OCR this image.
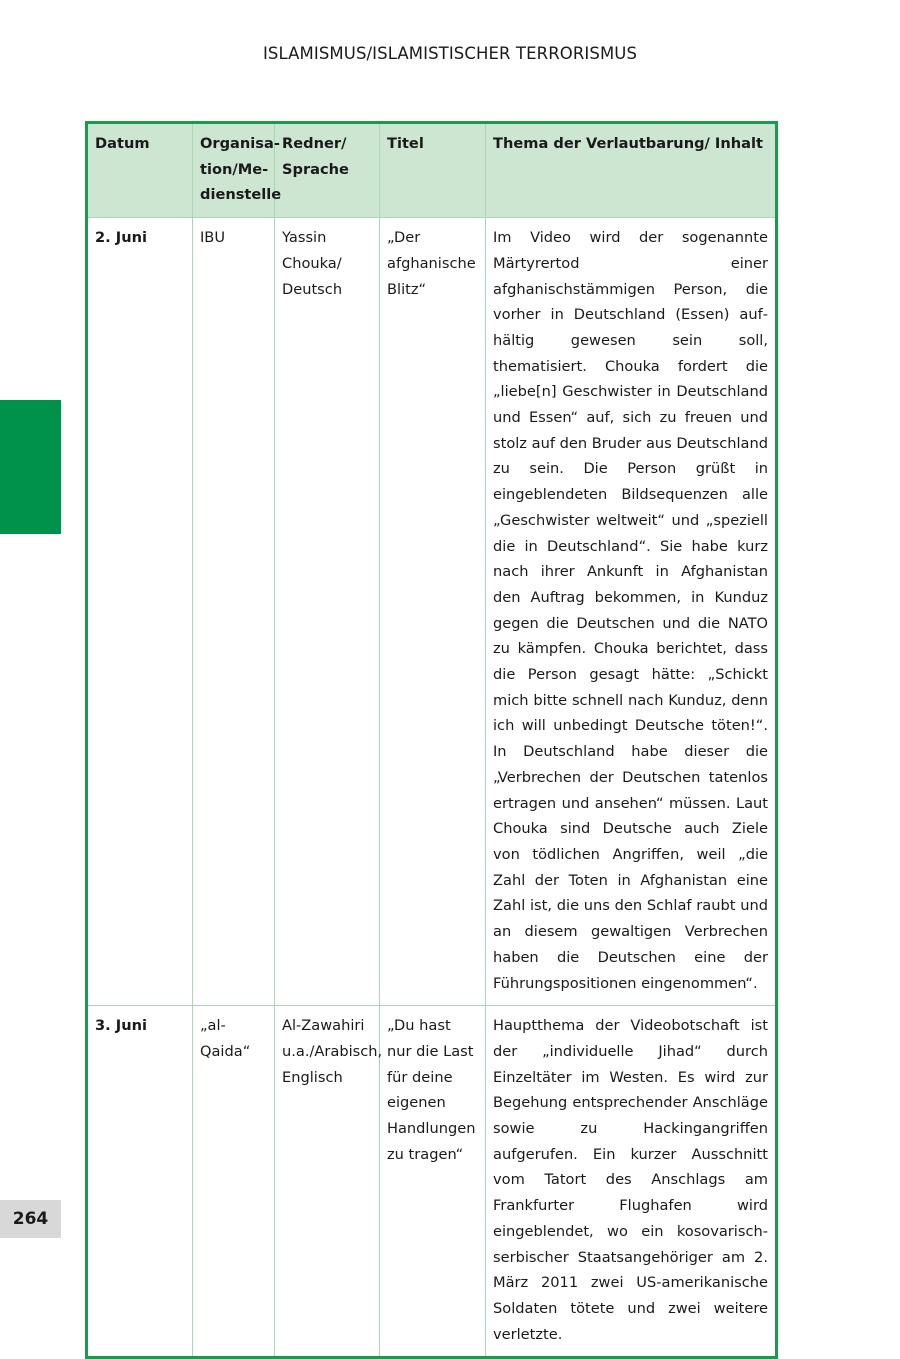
ISLAMISMUS/ISLAMISTISCHER TERRORISMUS
Datum	Organisation/Medienstelle	Redner/ Sprache	Titel	Thema der Verlautbarung/ Inhalt
2. Juni	IBU	Yassin Chouka/ Deutsch	„Der afghanische Blitz“	Im Video wird der sogenannte Märtyrertod einer afghanischstämmigen Person, die vorher in Deutschland (Essen) aufhältig gewesen sein soll, thematisiert. Chouka fordert die „liebe[n] Geschwister in Deutschland und Essen“ auf, sich zu freuen und stolz auf den Bruder aus Deutschland zu sein. Die Person grüßt in eingeblendeten Bildsequenzen alle „Geschwister weltweit“ und „speziell die in Deutschland“. Sie habe kurz nach ihrer Ankunft in Afghanistan den Auftrag bekommen, in Kunduz gegen die Deutschen und die NATO zu kämpfen. Chouka berichtet, dass die Person gesagt hätte: „Schickt mich bitte schnell nach Kunduz, denn ich will unbedingt Deutsche töten!“. In Deutschland habe dieser die „Verbrechen der Deutschen tatenlos ertragen und ansehen“ müssen. Laut Chouka sind Deutsche auch Ziele von tödlichen Angriffen, weil „die Zahl der Toten in Afghanistan eine Zahl ist, die uns den Schlaf raubt und an diesem gewaltigen Verbrechen haben die Deutschen eine der Führungspositionen eingenommen“.
3. Juni	„al-Qaida“	Al-Zawahiri u.a./Arabisch, Englisch	„Du hast nur die Last für deine eigenen Handlungen zu tragen“	Hauptthema der Videobotschaft ist der „individuelle Jihad“ durch Einzeltäter im Westen. Es wird zur Begehung entsprechender Anschläge sowie zu Hackingangriffen aufgerufen. Ein kurzer Ausschnitt vom Tatort des Anschlags am Frankfurter Flughafen wird eingeblendet, wo ein kosovarisch-serbischer Staatsangehöriger am 2. März 2011 zwei US-amerikanische Soldaten tötete und zwei weitere verletzte.
264
